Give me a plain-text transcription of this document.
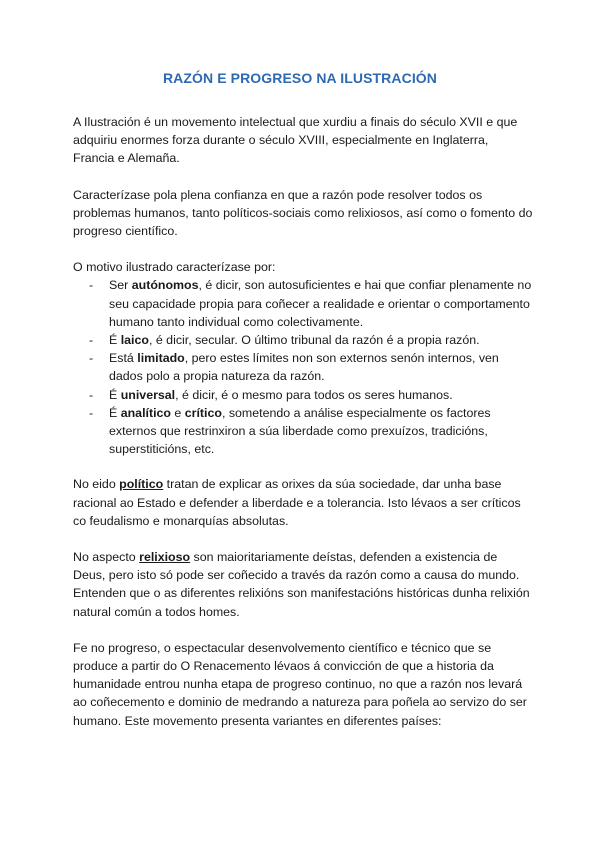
RAZÓN E PROGRESO NA ILUSTRACIÓN

A Ilustración é un movemento intelectual que xurdiu a finais do século XVII e que adquiriu enormes forza durante o século XVIII, especialmente en Inglaterra, Francia e Alemaña.

Caracterízase pola plena confianza en que a razón pode resolver todos os problemas humanos, tanto políticos-sociais como relixiosos, así como o fomento do progreso científico.

O motivo ilustrado caracterízase por:

- Ser autónomos, é dicir, son autosuficientes e hai que confiar plenamente no seu capacidade propia para coñecer a realidade e orientar o comportamento humano tanto individual como colectivamente.
- É laico, é dicir, secular. O último tribunal da razón é a propia razón.
- Está limitado, pero estes límites non son externos senón internos, ven dados polo a propia natureza da razón.
- É universal, é dicir, é o mesmo para todos os seres humanos.
- É analítico e crítico, sometendo a análise especialmente os factores externos que restrinxiron a súa liberdade como prexuízos, tradicións, superstiticións, etc.

No eido político tratan de explicar as orixes da súa sociedade, dar unha base racional ao Estado e defender a liberdade e a tolerancia. Isto lévaos a ser críticos co feudalismo e monarquías absolutas.

No aspecto relixioso son maioritariamente deístas, defenden a existencia de Deus, pero isto só pode ser coñecido a través da razón como a causa do mundo. Entenden que o as diferentes relixións son manifestacións históricas dunha relixión natural común a todos homes.

Fe no progreso, o espectacular desenvolvemento científico e técnico que se produce a partir do O Renacemento lévaos á convicción de que a historia da humanidade entrou nunha etapa de progreso continuo, no que a razón nos levará ao coñecemento e dominio de medrando a natureza para poñela ao servizo do ser humano. Este movemento presenta variantes en diferentes países:
